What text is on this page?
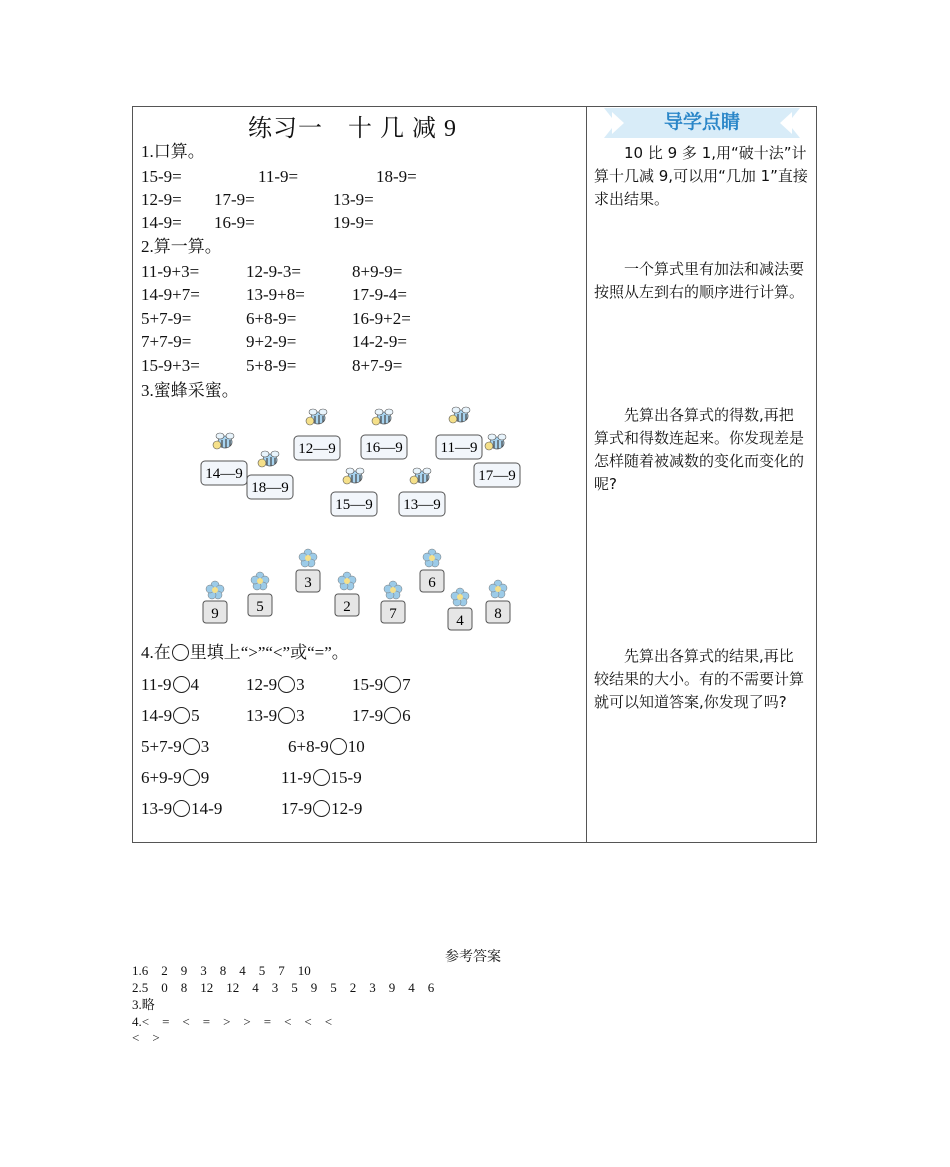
练习一　十 几 减 9
1.口算。
15-9=	11-9=	18-9=
12-9= 17-9=	13-9=
14-9= 16-9=	19-9=
2.算一算。
11-9+3=	12-9-3=	8+9-9=
14-9+7=	13-9+8=	17-9-4=
5+7-9=	6+8-9=	16-9+2=
7+7-9=	9+2-9=	14-2-9=
15-9+3=	5+8-9=	8+7-9=
3.蜜蜂采蜜。
14—9
18—9
12—9 16—9	11—9
17—9
15—9 13—9
9	5
3
2	7
6
4 8
4.在 里填上“>”“<”或“=”。
11-9 4	12-9 3	15-9 7
14-9 5	13-9 3	17-9 6
5+7-9 3	6+8-9 10
6+9-9 9	11-9 15-9
13-9 14-9	17-9 12-9
导学点睛
10 比 9 多 1,用“破十法”计算十几减 9,可以用“几加 1”直接求出结果。
一个算式里有加法和减法要按照从左到右的顺序进行计算。
先算出各算式的得数,再把算式和得数连起来。你发现差是怎样随着被减数的变化而变化的呢?
先算出各算式的结果,再比较结果的大小。有的不需要计算就可以知道答案,你发现了吗?
参考答案
1.6　2　9　3　8　4　5　7　10
2.5　0　8　12　12　4　3　5　9　5　2　3　9　4　6
3.略
4.<　=　<　=　>　>　=　<　<　<
<　>
